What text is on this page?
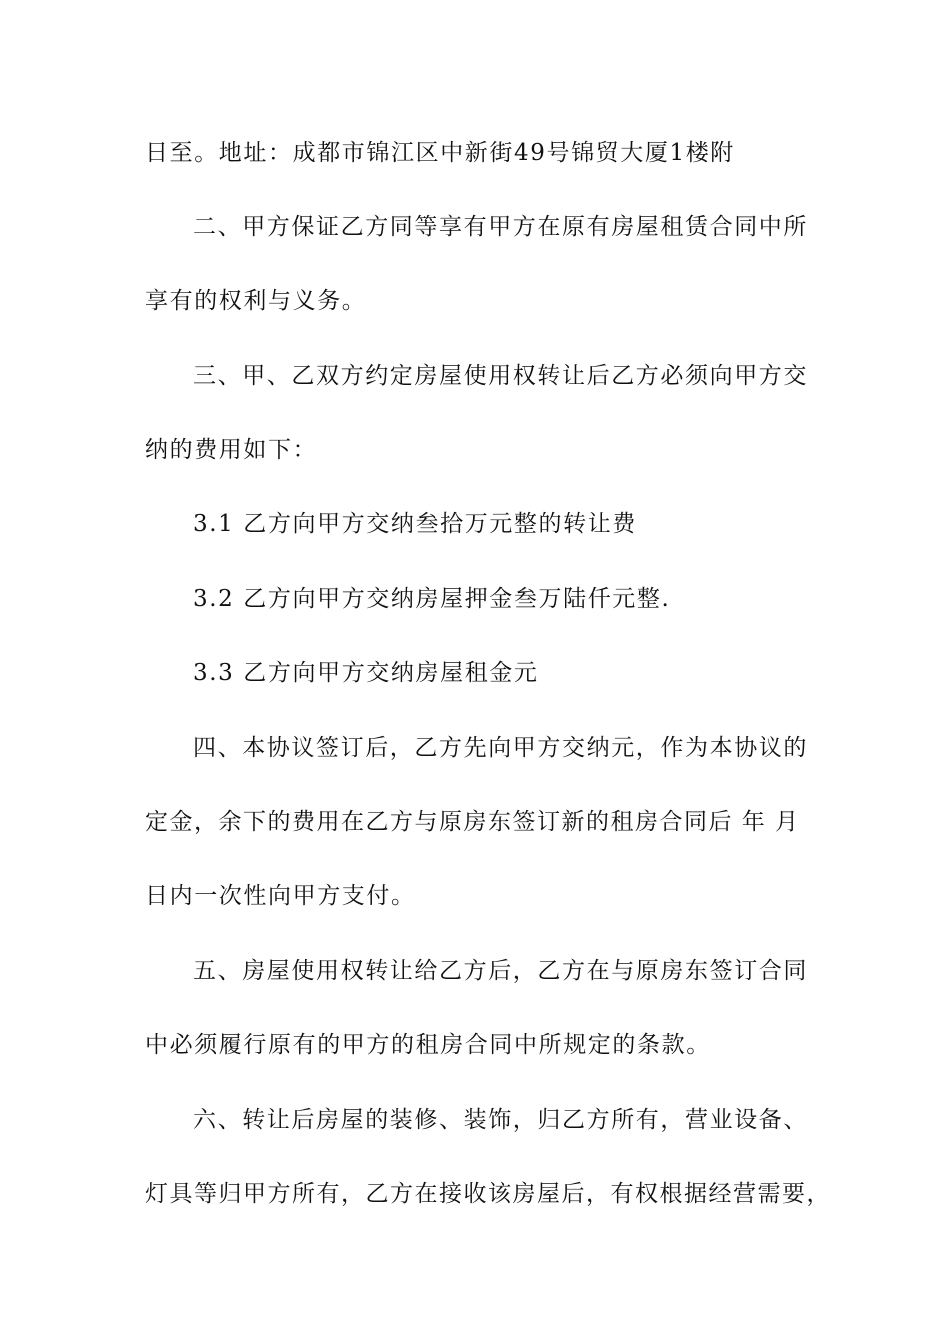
日至。地址：成都市锦江区中新街49号锦贸大厦1楼附
二、甲方保证乙方同等享有甲方在原有房屋租赁合同中所
享有的权利与义务。
三、甲、乙双方约定房屋使用权转让后乙方必须向甲方交
纳的费用如下：
3.1 乙方向甲方交纳叁拾万元整的转让费
3.2 乙方向甲方交纳房屋押金叁万陆仟元整.
3.3 乙方向甲方交纳房屋租金元
四、本协议签订后，乙方先向甲方交纳元，作为本协议的
定金，余下的费用在乙方与原房东签订新的租房合同后 年 月
日内一次性向甲方支付。
五、房屋使用权转让给乙方后，乙方在与原房东签订合同
中必须履行原有的甲方的租房合同中所规定的条款。
六、转让后房屋的装修、装饰，归乙方所有，营业设备、
灯具等归甲方所有，乙方在接收该房屋后，有权根据经营需要，
